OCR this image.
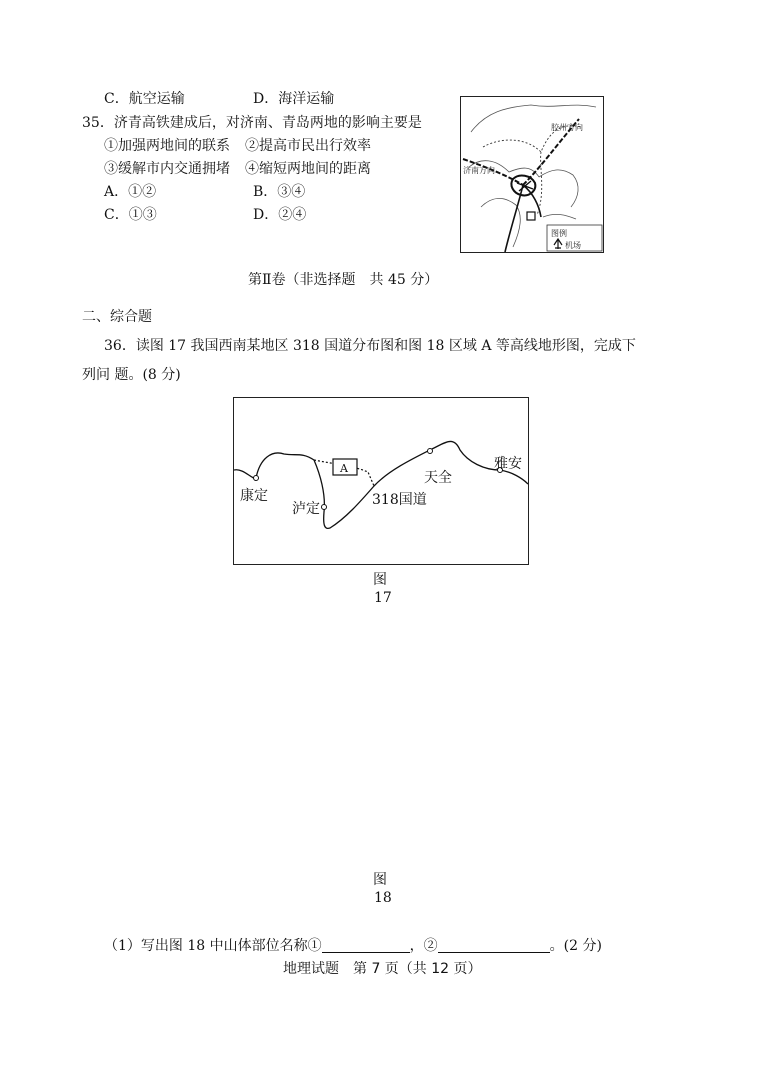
C．航空运输	D．海洋运输
35．济青高铁建成后，对济南、青岛两地的影响主要是
①加强两地间的联系 ②提高市民出行效率
③缓解市内交通拥堵 ④缩短两地间的距离
A．①②	B．③④
C．①③	D．②④
胶州方向
济南方向
图例
机场
第Ⅱ卷（非选择题　共 45 分）
二、综合题
36．读图 17 我国西南某地区 318 国道分布图和图 18 区域 A 等高线地形图，完成下
列问 题。(8 分)
A
康定
泸定
天全
雅安
318国道
图
17
图
18
（1）写出图 18 中山体部位名称①	，②	。(2 分)
地理试题　第 7 页（共 12 页）
